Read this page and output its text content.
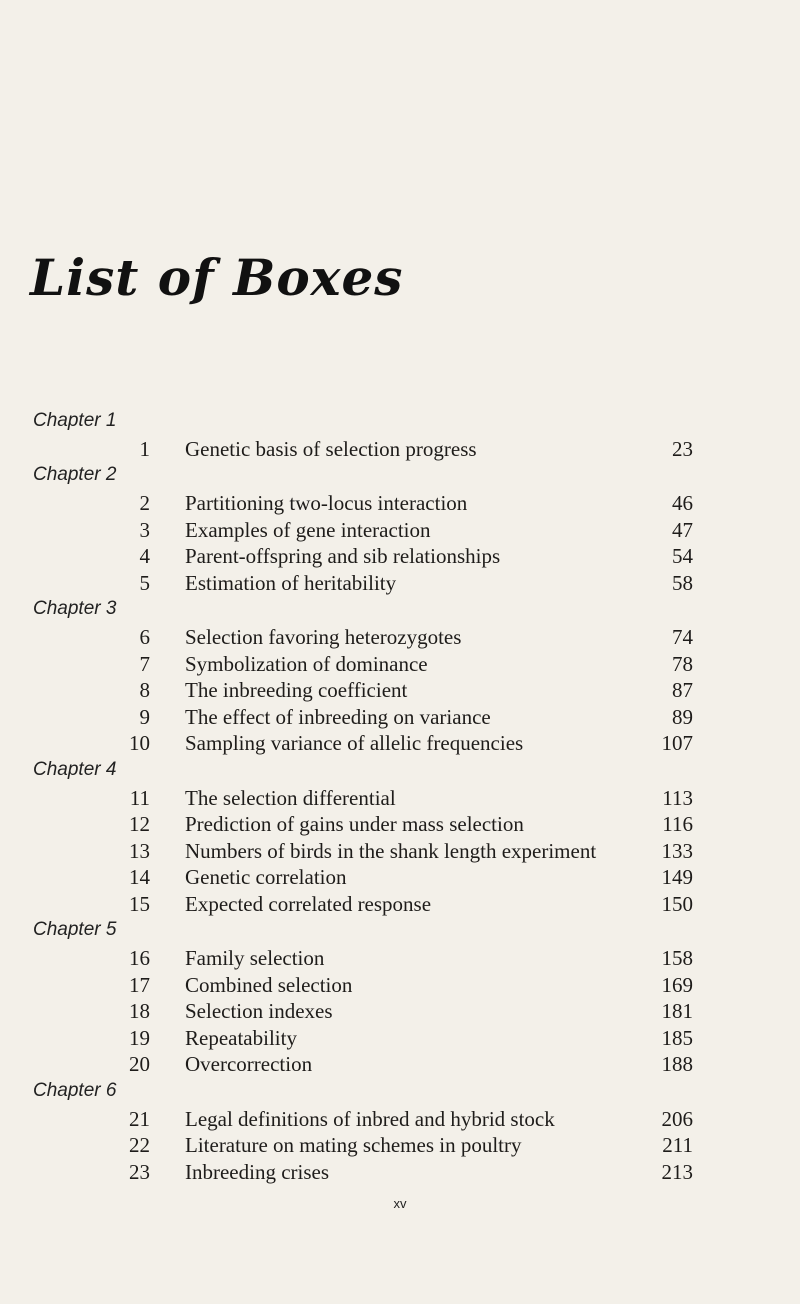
List of Boxes
Chapter 1
1 Genetic basis of selection progress	23
Chapter 2
2 Partitioning two-locus interaction	46
3 Examples of gene interaction	47
4 Parent-offspring and sib relationships	54
5 Estimation of heritability	58
Chapter 3
6 Selection favoring heterozygotes	74
7 Symbolization of dominance	78
8 The inbreeding coefficient	87
9 The effect of inbreeding on variance	89
10 Sampling variance of allelic frequencies	107
Chapter 4
11 The selection differential	113
12 Prediction of gains under mass selection	116
13 Numbers of birds in the shank length experiment	133
14 Genetic correlation	149
15 Expected correlated response	150
Chapter 5
16 Family selection	158
17 Combined selection	169
18 Selection indexes	181
19 Repeatability	185
20 Overcorrection	188
Chapter 6
21 Legal definitions of inbred and hybrid stock	206
22 Literature on mating schemes in poultry	211
23 Inbreeding crises	213
xv
